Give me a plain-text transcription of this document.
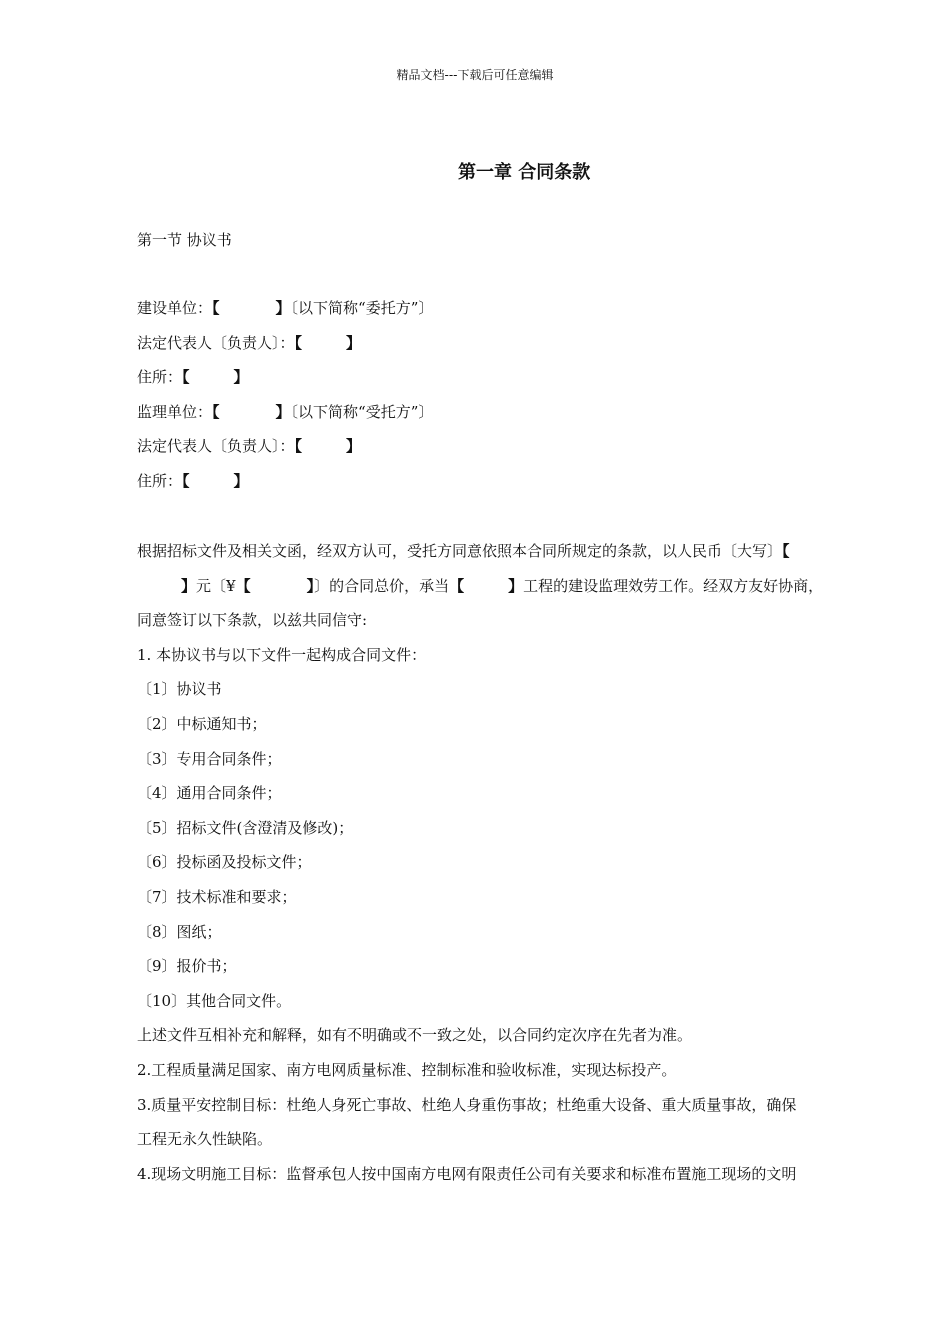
精品文档---下载后可任意编辑
第一章 合同条款
第一节 协议书
建设单位：【	】〔以下简称“委托方”〕
法定代表人〔负责人〕：【	】
住所：【	】
监理单位：【	】〔以下简称“受托方”〕
法定代表人〔负责人〕：【	】
住所：【	】
根据招标文件及相关文函，经双方认可，受托方同意依照本合同所规定的条款，以人民币〔大写〕【
】元〔¥【	】〕的合同总价，承当【	】工程的建设监理效劳工作。经双方友好协商，
同意签订以下条款，以兹共同信守:
1. 本协议书与以下文件一起构成合同文件：
〔1〕协议书
〔2〕中标通知书；
〔3〕专用合同条件；
〔4〕通用合同条件；
〔5〕招标文件(含澄清及修改)；
〔6〕投标函及投标文件；
〔7〕技术标准和要求；
〔8〕图纸；
〔9〕报价书；
〔10〕其他合同文件。
上述文件互相补充和解释，如有不明确或不一致之处，以合同约定次序在先者为准。
2.工程质量满足国家、南方电网质量标准、控制标准和验收标准，实现达标投产。
3.质量平安控制目标：杜绝人身死亡事故、杜绝人身重伤事故；杜绝重大设备、重大质量事故，确保
工程无永久性缺陷。
4.现场文明施工目标：监督承包人按中国南方电网有限责任公司有关要求和标准布置施工现场的文明
